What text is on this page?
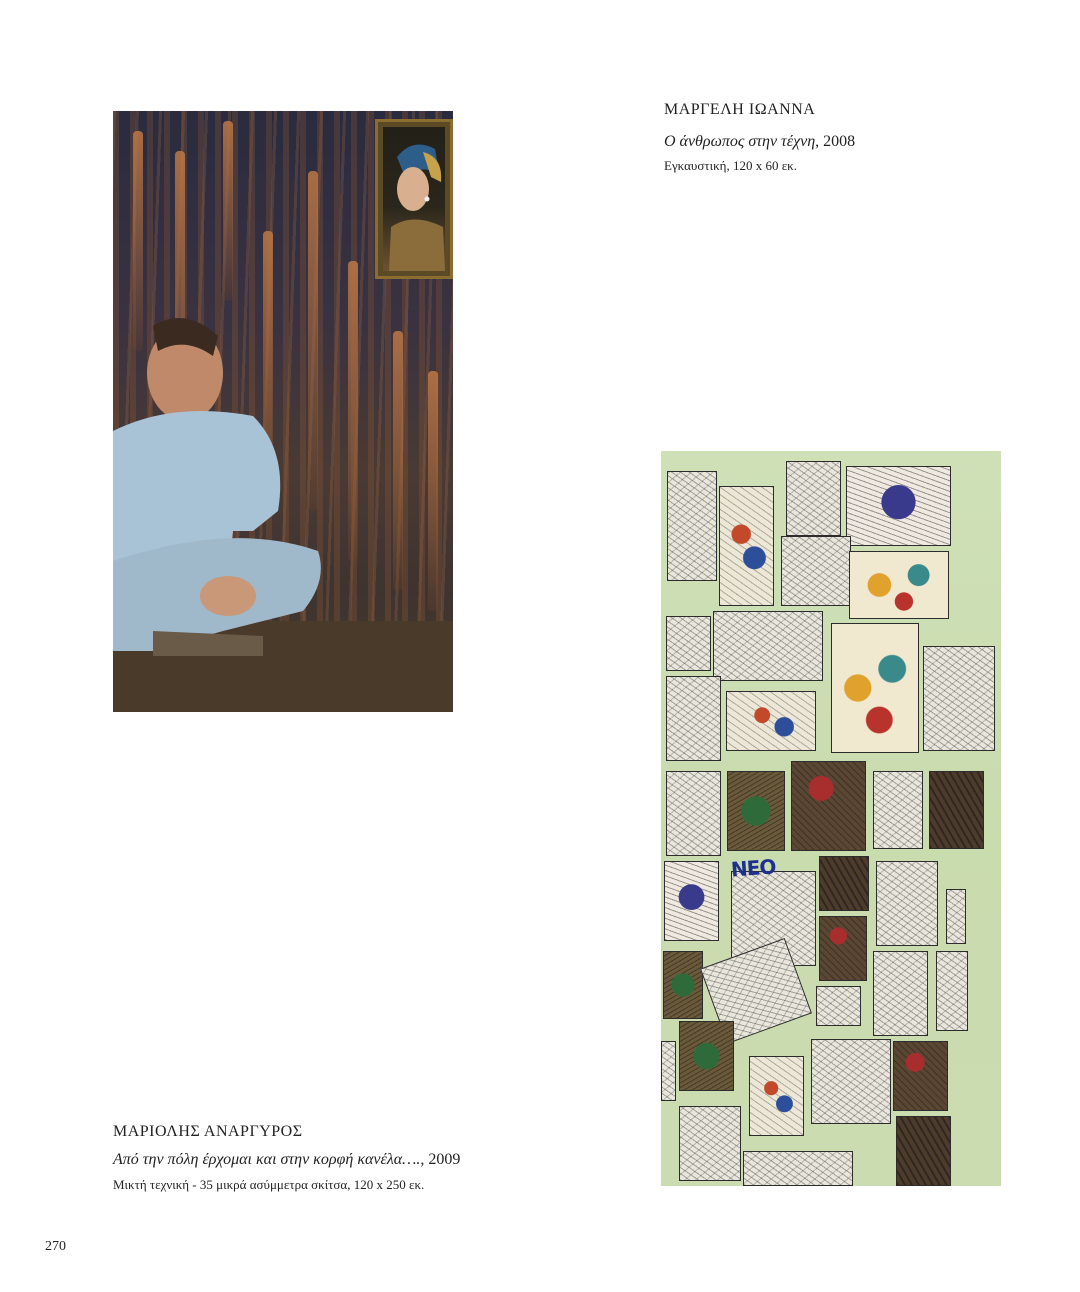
ΝΕΟ
ΜΑΡΓΕΛΗ ΙΩΑΝΝΑ
Ο άνθρωπος στην τέχνη, 2008
Εγκαυστική, 120 x 60 εκ.
ΜΑΡΙΟΛΗΣ ΑΝΑΡΓΥΡΟΣ
Από την πόλη έρχομαι και στην κορφή κανέλα…., 2009
Μικτή τεχνική - 35 μικρά ασύμμετρα σκίτσα, 120 x 250 εκ.
270
